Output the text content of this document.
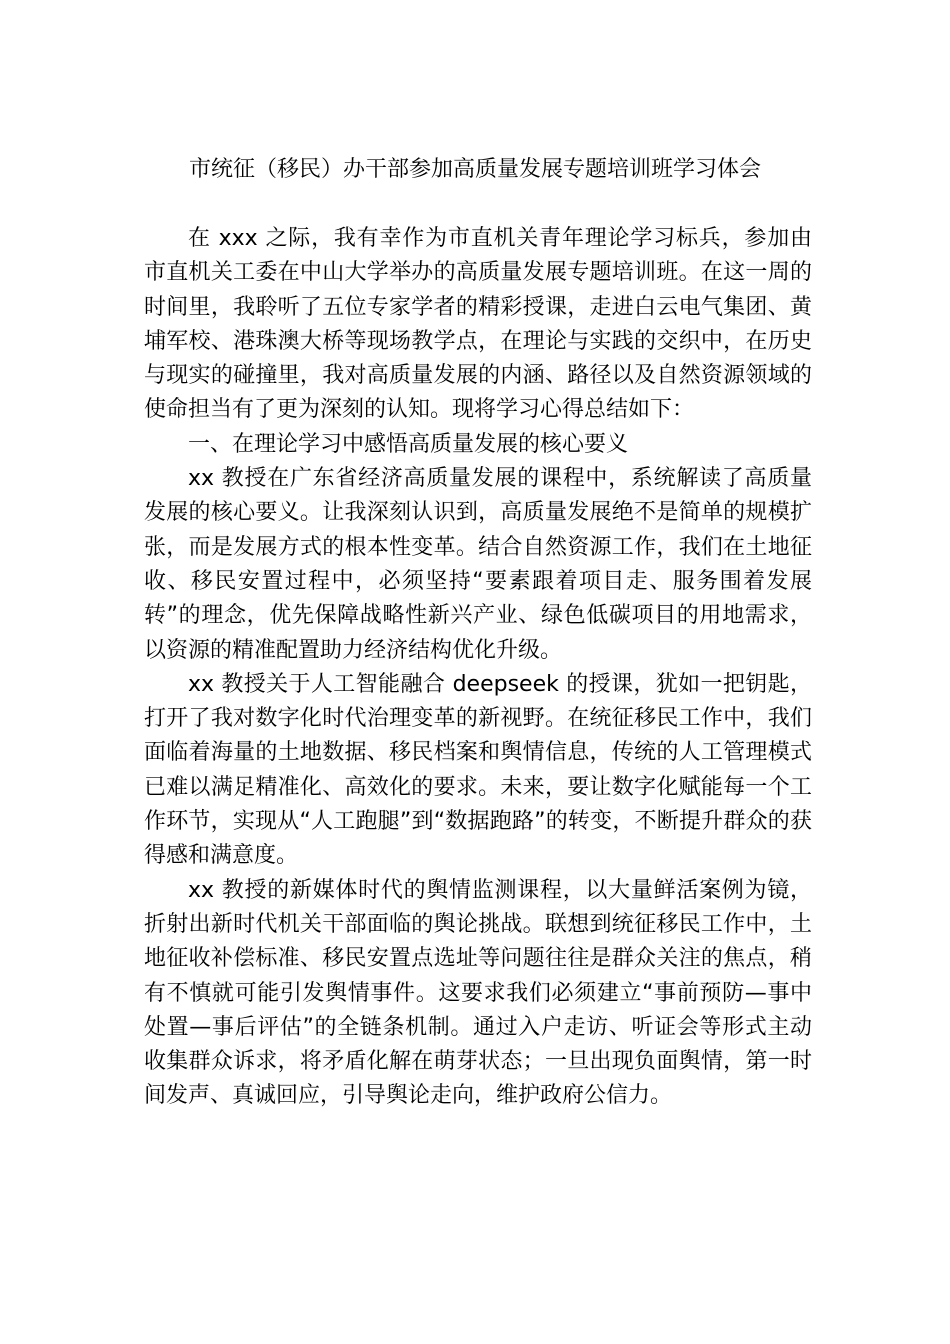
市统征（移民）办干部参加高质量发展专题培训班学习体会

在 xxx 之际，我有幸作为市直机关青年理论学习标兵，参加由市直机关工委在中山大学举办的高质量发展专题培训班。在这一周的时间里，我聆听了五位专家学者的精彩授课，走进白云电气集团、黄埔军校、港珠澳大桥等现场教学点，在理论与实践的交织中，在历史与现实的碰撞里，我对高质量发展的内涵、路径以及自然资源领域的使命担当有了更为深刻的认知。现将学习心得总结如下：

一、在理论学习中感悟高质量发展的核心要义

xx 教授在广东省经济高质量发展的课程中，系统解读了高质量发展的核心要义。让我深刻认识到，高质量发展绝不是简单的规模扩张，而是发展方式的根本性变革。结合自然资源工作，我们在土地征收、移民安置过程中，必须坚持“要素跟着项目走、服务围着发展转”的理念，优先保障战略性新兴产业、绿色低碳项目的用地需求，以资源的精准配置助力经济结构优化升级。

xx 教授关于人工智能融合 deepseek 的授课，犹如一把钥匙，打开了我对数字化时代治理变革的新视野。在统征移民工作中，我们面临着海量的土地数据、移民档案和舆情信息，传统的人工管理模式已难以满足精准化、高效化的要求。未来，要让数字化赋能每一个工作环节，实现从“人工跑腿”到“数据跑路”的转变，不断提升群众的获得感和满意度。

xx 教授的新媒体时代的舆情监测课程，以大量鲜活案例为镜，折射出新时代机关干部面临的舆论挑战。联想到统征移民工作中，土地征收补偿标准、移民安置点选址等问题往往是群众关注的焦点，稍有不慎就可能引发舆情事件。这要求我们必须建立“事前预防—事中处置—事后评估”的全链条机制。通过入户走访、听证会等形式主动收集群众诉求，将矛盾化解在萌芽状态；一旦出现负面舆情，第一时间发声、真诚回应，引导舆论走向，维护政府公信力。
